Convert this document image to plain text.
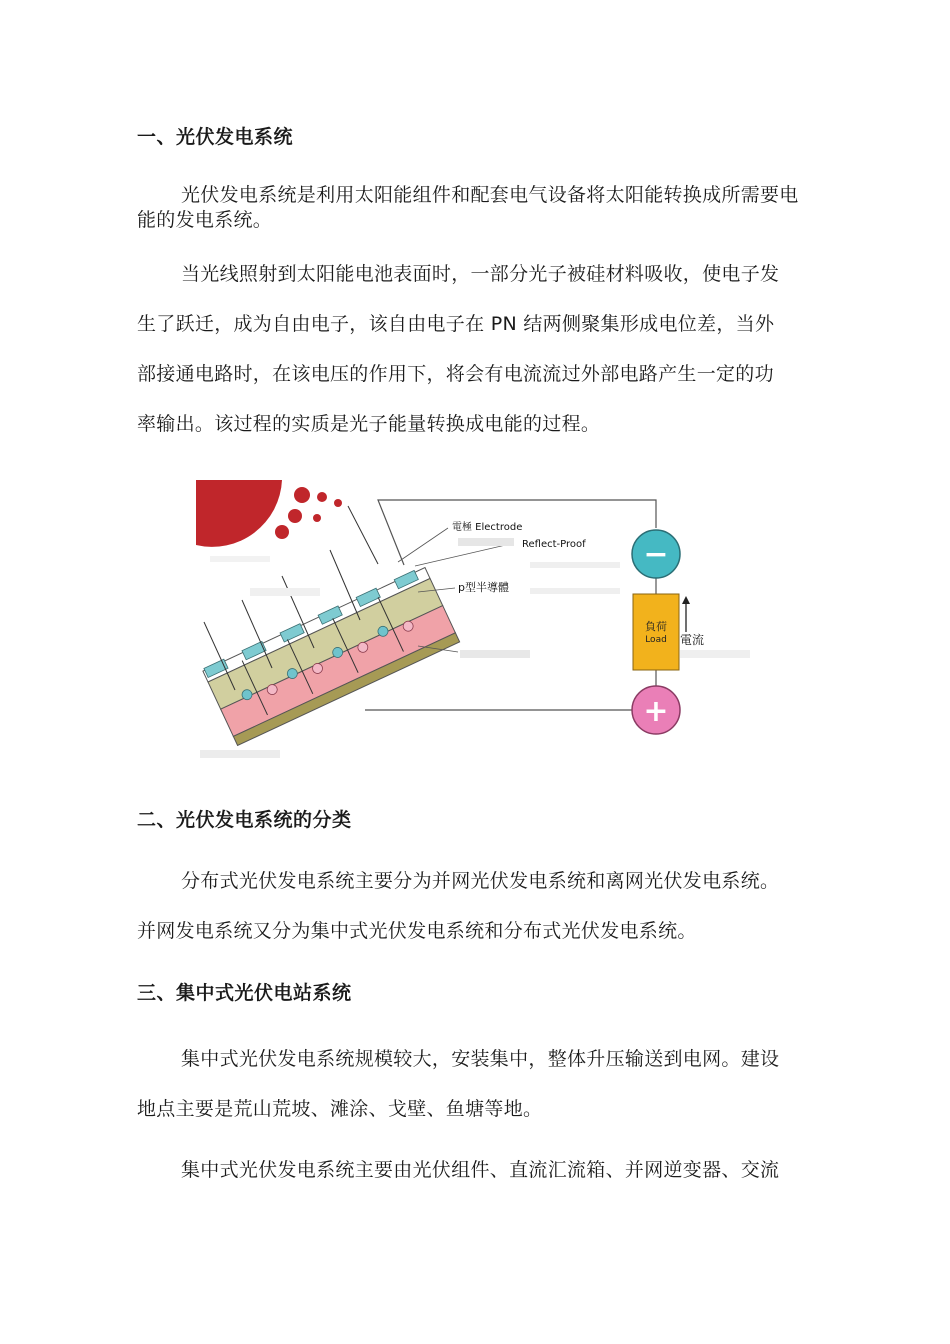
一、光伏发电系统
光伏发电系统是利用太阳能组件和配套电气设备将太阳能转换成所需要电能的发电系统。
当光线照射到太阳能电池表面时，一部分光子被硅材料吸收，使电子发
生了跃迁，成为自由电子，该自由电子在 PN 结两侧聚集形成电位差，当外
部接通电路时，在该电压的作用下，将会有电流流过外部电路产生一定的功
率输出。该过程的实质是光子能量转换成电能的过程。
電極 Electrode
Reflect-Proof
p型半導體
−
負荷
Load 電流
+
二、光伏发电系统的分类
分布式光伏发电系统主要分为并网光伏发电系统和离网光伏发电系统。
并网发电系统又分为集中式光伏发电系统和分布式光伏发电系统。
三、集中式光伏电站系统
集中式光伏发电系统规模较大，安装集中，整体升压输送到电网。建设
地点主要是荒山荒坡、滩涂、戈壁、鱼塘等地。
集中式光伏发电系统主要由光伏组件、直流汇流箱、并网逆变器、交流
